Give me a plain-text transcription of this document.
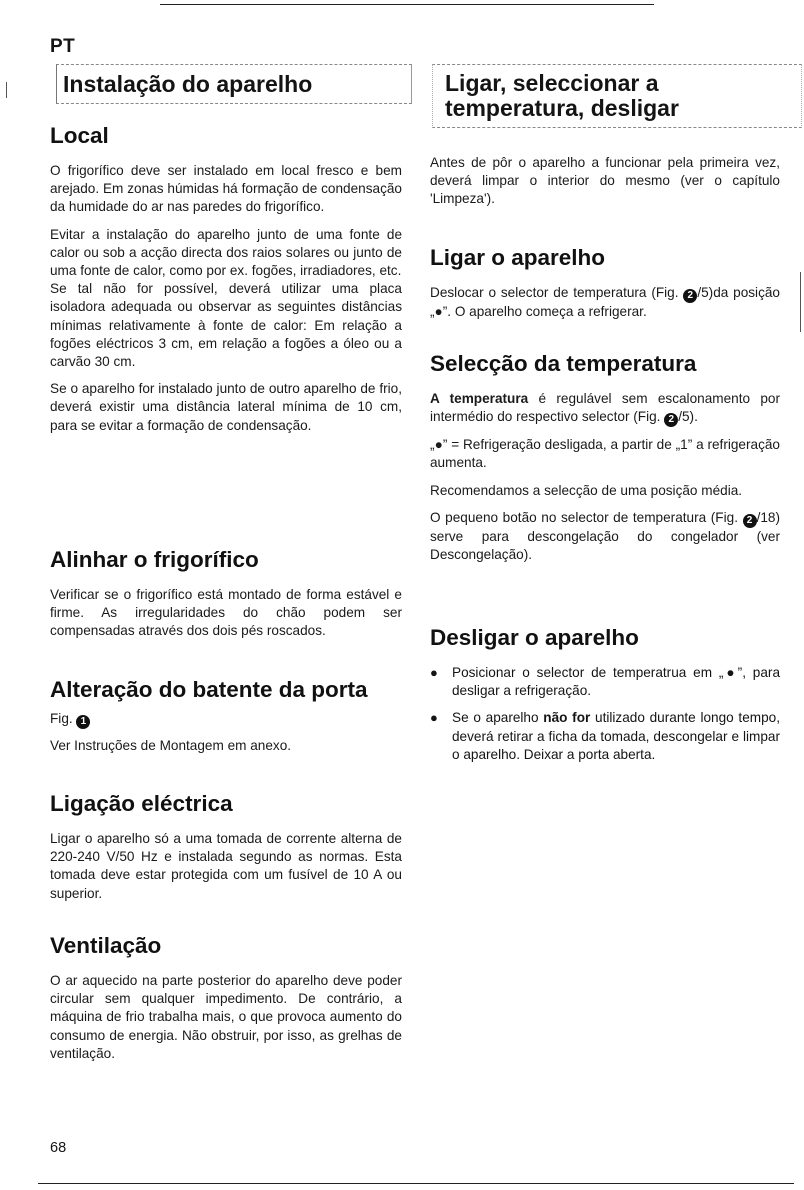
PT
Instalação do aparelho
Local

O frigorífico deve ser instalado em local fresco e bem arejado. Em zonas húmidas há formação de condensação da humidade do ar nas paredes do frigorífico.

Evitar a instalação do aparelho junto de uma fonte de calor ou sob a acção directa dos raios solares ou junto de uma fonte de calor, como por ex. fogões, irradiadores, etc.

Se tal não for possível, deverá utilizar uma placa isoladora adequada ou observar as seguintes distâncias mínimas relativamente à fonte de calor: Em relação a fogões eléctricos 3 cm, em relação a fogões a óleo ou a carvão 30 cm.

Se o aparelho for instalado junto de outro aparelho de frio, deverá existir uma distância lateral mínima de 10 cm, para se evitar a formação de condensação.

Alinhar o frigorífico

Verificar se o frigorífico está montado de forma estável e firme. As irregularidades do chão podem ser compensadas através dos dois pés roscados.

Alteração do batente da porta

Fig. 1

Ver Instruções de Montagem em anexo.

Ligação eléctrica

Ligar o aparelho só a uma tomada de corrente alterna de 220-240 V/50 Hz e instalada segundo as normas. Esta tomada deve estar protegida com um fusível de 10 A ou superior.

Ventilação

O ar aquecido na parte posterior do aparelho deve poder circular sem qualquer impedimento. De contrário, a máquina de frio trabalha mais, o que provoca aumento do consumo de energia. Não obstruir, por isso, as grelhas de ventilação.

Ligar, seleccionar a
temperatura, desligar

Antes de pôr o aparelho a funcionar pela primeira vez, deverá limpar o interior do mesmo (ver o capítulo 'Limpeza').

Ligar o aparelho

Deslocar o selector de temperatura (Fig. 2 /5)da posição „●”. O aparelho começa a refrigerar.

Selecção da temperatura

A temperatura é regulável sem escalonamento por intermédio do respectivo selector (Fig. 2 /5).

„●” = Refrigeração desligada, a partir de „1” a refrigeração aumenta.

Recomendamos a selecção de uma posição média.

O pequeno botão no selector de temperatura (Fig. 2 /18) serve para descongelação do congelador (ver Descongelação).

Desligar o aparelho
●	Posicionar o selector de temperatrua em „●”, para desligar a refrigeração.
●	Se o aparelho não for utilizado durante longo tempo, deverá retirar a ficha da tomada, descongelar e limpar o aparelho. Deixar a porta aberta.
68
